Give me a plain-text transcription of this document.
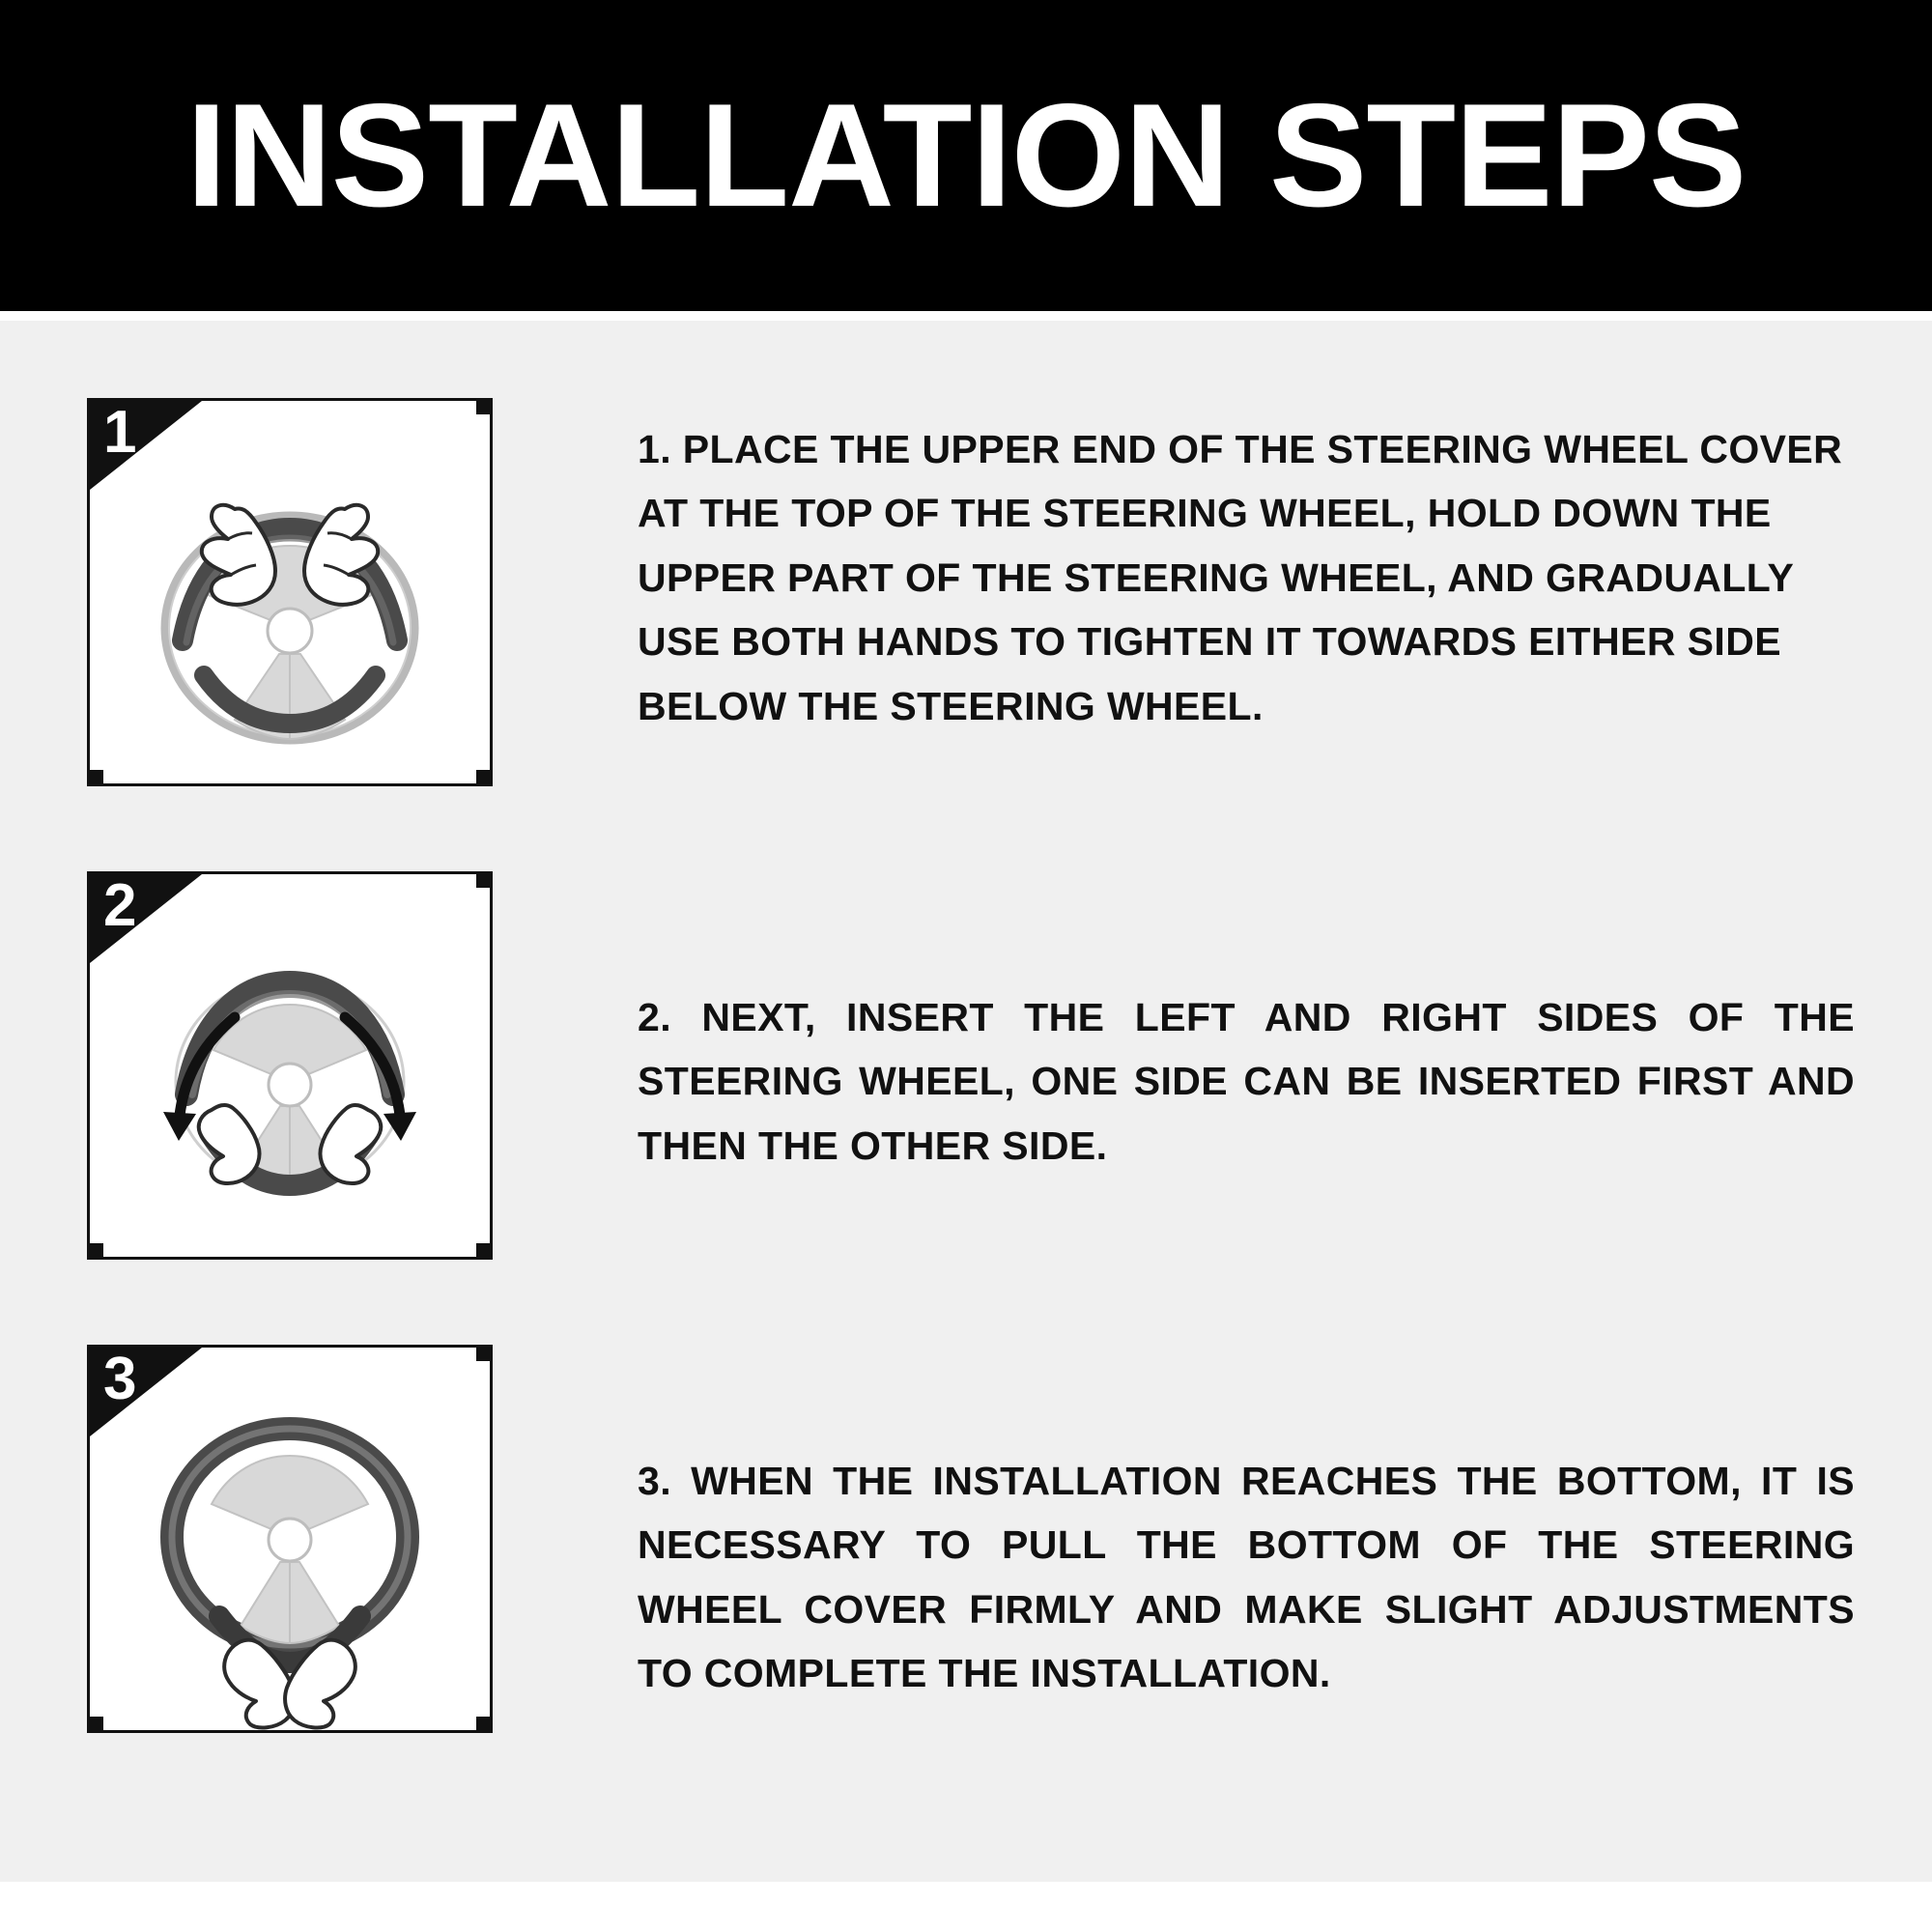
INSTALLATION STEPS
1	1. PLACE THE UPPER END OF THE STEERING WHEEL COVER AT THE TOP OF THE STEERING WHEEL, HOLD DOWN THE UPPER PART OF THE STEERING WHEEL, AND GRADUALLY USE BOTH HANDS TO TIGHTEN IT TOWARDS EITHER SIDE BELOW THE STEERING WHEEL.
2
2. NEXT, INSERT THE LEFT AND RIGHT SIDES OF THE STEERING WHEEL, ONE SIDE CAN BE INSERTED FIRST AND THEN THE OTHER SIDE.
3
3. WHEN THE INSTALLATION REACHES THE BOTTOM, IT IS NECESSARY TO PULL THE BOTTOM OF THE STEERING WHEEL COVER FIRMLY AND MAKE SLIGHT ADJUSTMENTS TO COMPLETE THE INSTALLATION.
